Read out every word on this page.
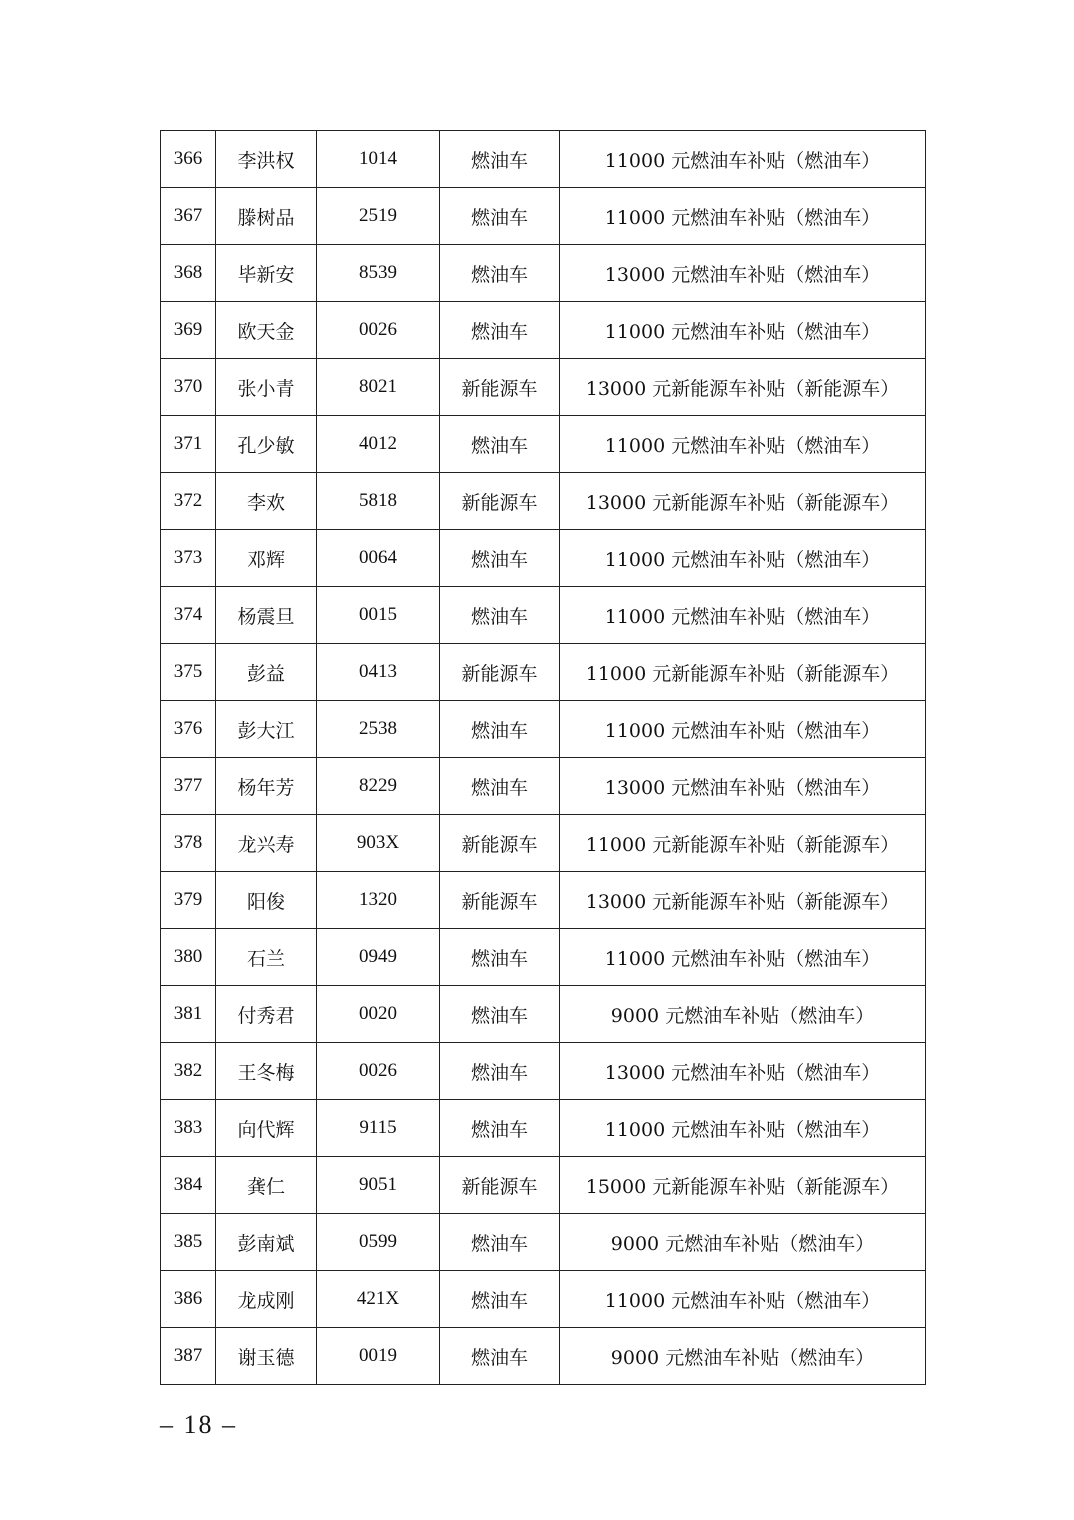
366	李洪权	1014	燃油车	11000 元燃油车补贴（燃油车）
367	滕树品	2519	燃油车	11000 元燃油车补贴（燃油车）
368	毕新安	8539	燃油车	13000 元燃油车补贴（燃油车）
369	欧天金	0026	燃油车	11000 元燃油车补贴（燃油车）
370	张小青	8021	新能源车	13000 元新能源车补贴（新能源车）
371	孔少敏	4012	燃油车	11000 元燃油车补贴（燃油车）
372	李欢	5818	新能源车	13000 元新能源车补贴（新能源车）
373	邓辉	0064	燃油车	11000 元燃油车补贴（燃油车）
374	杨震旦	0015	燃油车	11000 元燃油车补贴（燃油车）
375	彭益	0413	新能源车	11000 元新能源车补贴（新能源车）
376	彭大江	2538	燃油车	11000 元燃油车补贴（燃油车）
377	杨年芳	8229	燃油车	13000 元燃油车补贴（燃油车）
378	龙兴寿	903X	新能源车	11000 元新能源车补贴（新能源车）
379	阳俊	1320	新能源车	13000 元新能源车补贴（新能源车）
380	石兰	0949	燃油车	11000 元燃油车补贴（燃油车）
381	付秀君	0020	燃油车	9000 元燃油车补贴（燃油车）
382	王冬梅	0026	燃油车	13000 元燃油车补贴（燃油车）
383	向代辉	9115	燃油车	11000 元燃油车补贴（燃油车）
384	龚仁	9051	新能源车	15000 元新能源车补贴（新能源车）
385	彭南斌	0599	燃油车	9000 元燃油车补贴（燃油车）
386	龙成刚	421X	燃油车	11000 元燃油车补贴（燃油车）
387	谢玉德	0019	燃油车	9000 元燃油车补贴（燃油车）
– 18 –
